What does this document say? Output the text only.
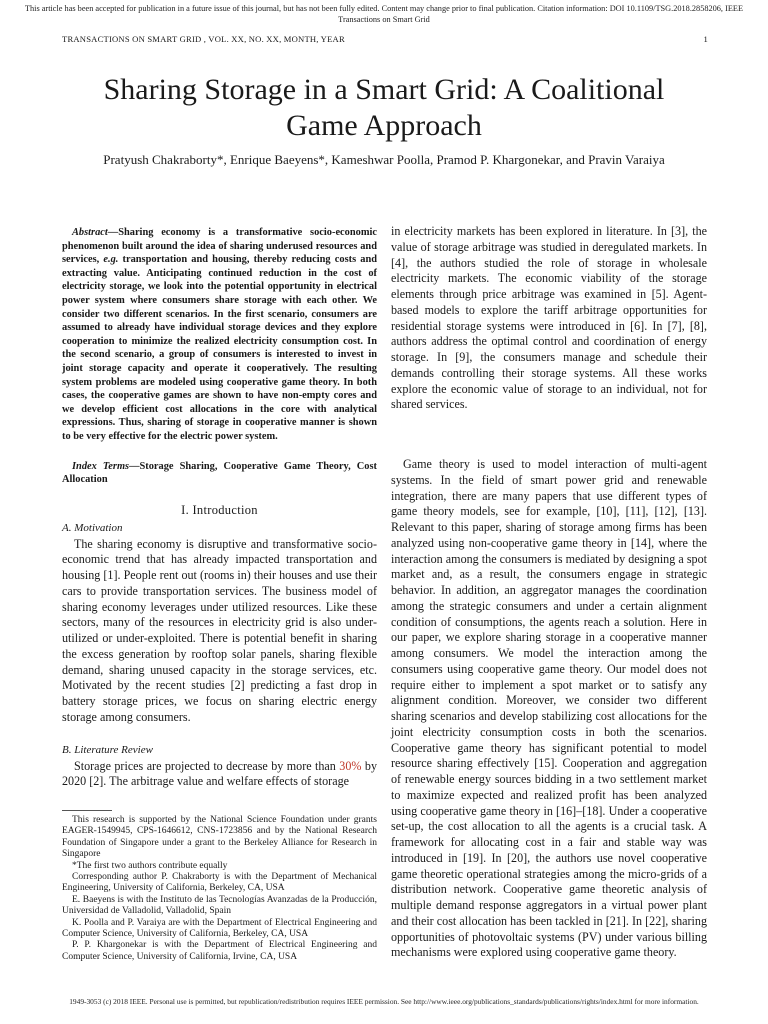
This article has been accepted for publication in a future issue of this journal, but has not been fully edited. Content may change prior to final publication. Citation information: DOI 10.1109/TSG.2018.2858206, IEEE
Transactions on Smart Grid
TRANSACTIONS ON SMART GRID , VOL. XX, NO. XX, MONTH, YEAR	1
Sharing Storage in a Smart Grid: A Coalitional
Game Approach
Pratyush Chakraborty*, Enrique Baeyens*, Kameshwar Poolla, Pramod P. Khargonekar, and Pravin Varaiya

Abstract—Sharing economy is a transformative socio-economic phenomenon built around the idea of sharing underused resources and services, e.g. transportation and housing, thereby reducing costs and extracting value. Anticipating continued reduction in the cost of electricity storage, we look into the potential opportunity in electrical power system where consumers share storage with each other. We consider two different scenarios. In the first scenario, consumers are assumed to already have individual storage devices and they explore cooperation to minimize the realized electricity consumption cost. In the second scenario, a group of consumers is interested to invest in joint storage capacity and operate it cooperatively. The resulting system problems are modeled using cooperative game theory. In both cases, the cooperative games are shown to have non-empty cores and we develop efficient cost allocations in the core with analytical expressions. Thus, sharing of storage in cooperative manner is shown to be very effective for the electric power system.

Index Terms—Storage Sharing, Cooperative Game Theory, Cost Allocation

I. Introduction

A. Motivation

The sharing economy is disruptive and transformative socio-economic trend that has already impacted transportation and housing [1]. People rent out (rooms in) their houses and use their cars to provide transportation services. The business model of sharing economy leverages under utilized resources. Like these sectors, many of the resources in electricity grid is also under-utilized or under-exploited. There is potential benefit in sharing the excess generation by rooftop solar panels, sharing flexible demand, sharing unused capacity in the storage services, etc. Motivated by the recent studies [2] predicting a fast drop in battery storage prices, we focus on sharing electric energy storage among consumers.

B. Literature Review

Storage prices are projected to decrease by more than 30% by 2020 [2]. The arbitrage value and welfare effects of storage

This research is supported by the National Science Foundation under grants EAGER-1549945, CPS-1646612, CNS-1723856 and by the National Research Foundation of Singapore under a grant to the Berkeley Alliance for Research in Singapore

*The first two authors contribute equally

Corresponding author P. Chakraborty is with the Department of Mechanical Engineering, University of California, Berkeley, CA, USA

E. Baeyens is with the Instituto de las Tecnologías Avanzadas de la Producción, Universidad de Valladolid, Valladolid, Spain

K. Poolla and P. Varaiya are with the Department of Electrical Engineering and Computer Science, University of California, Berkeley, CA, USA

P. P. Khargonekar is with the Department of Electrical Engineering and Computer Science, University of California, Irvine, CA, USA

in electricity markets has been explored in literature. In [3], the value of storage arbitrage was studied in deregulated markets. In [4], the authors studied the role of storage in wholesale electricity markets. The economic viability of the storage elements through price arbitrage was examined in [5]. Agent-based models to explore the tariff arbitrage opportunities for residential storage systems were introduced in [6]. In [7], [8], authors address the optimal control and coordination of energy storage. In [9], the consumers manage and schedule their demands controlling their storage systems. All these works explore the economic value of storage to an individual, not for shared services.

Game theory is used to model interaction of multi-agent systems. In the field of smart power grid and renewable integration, there are many papers that use different types of game theory models, see for example, [10], [11], [12], [13]. Relevant to this paper, sharing of storage among firms has been analyzed using non-cooperative game theory in [14], where the interaction among the consumers is mediated by designing a spot market and, as a result, the consumers engage in strategic behavior. In addition, an aggregator manages the coordination among the strategic consumers and under a certain alignment condition of consumptions, the agents reach a solution. Here in our paper, we explore sharing storage in a cooperative manner among consumers. We model the interaction among the consumers using cooperative game theory. Our model does not require either to implement a spot market or to satisfy any alignment condition. Moreover, we consider two different sharing scenarios and develop stabilizing cost allocations for the joint electricity consumption costs in both the scenarios. Cooperative game theory has significant potential to model resource sharing effectively [15]. Cooperation and aggregation of renewable energy sources bidding in a two settlement market to maximize expected and realized profit has been analyzed using cooperative game theory in [16]–[18]. Under a cooperative set-up, the cost allocation to all the agents is a crucial task. A framework for allocating cost in a fair and stable way was introduced in [19]. In [20], the authors use novel cooperative game theoretic operational strategies among the micro-grids of a distribution network. Cooperative game theoretic analysis of multiple demand response aggregators in a virtual power plant and their cost allocation has been tackled in [21]. In [22], sharing opportunities of photovoltaic systems (PV) under various billing mechanisms were explored using cooperative game theory.

1949-3053 (c) 2018 IEEE. Personal use is permitted, but republication/redistribution requires IEEE permission. See http://www.ieee.org/publications_standards/publications/rights/index.html for more information.
